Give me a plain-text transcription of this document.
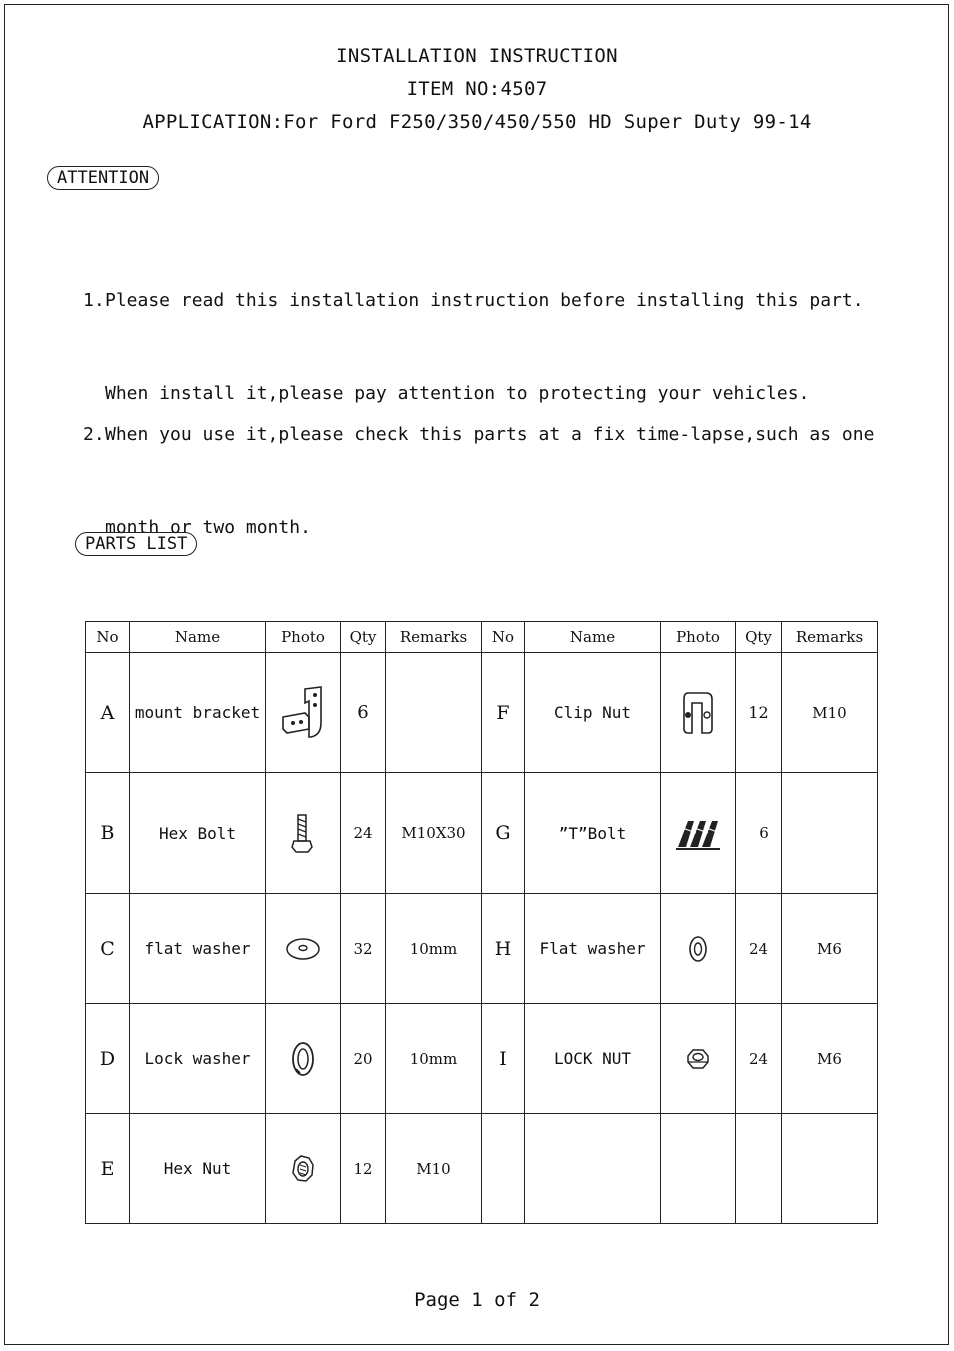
INSTALLATION INSTRUCTION
ITEM NO:4507
APPLICATION:For Ford F250/350/450/550 HD Super Duty 99-14
ATTENTION

1.Please read this installation instruction before installing this part.

When install it,please pay attention to protecting your vehicles.

2.When you use it,please check this parts at a fix time-lapse,such as one

month or two month.

PARTS LIST
No	Name	Photo	Qty	Remarks	No	Name	Photo	Qty	Remarks
A	mount bracket		6		F	Clip Nut		12	M10
B	Hex Bolt		24	M10X30	G	”T”Bolt		6	
C	flat washer		32	10mm	H	Flat washer		24	M6
D	Lock washer		20	10mm	I	LOCK NUT		24	M6
E	Hex Nut		12	M10					
Page 1 of 2
